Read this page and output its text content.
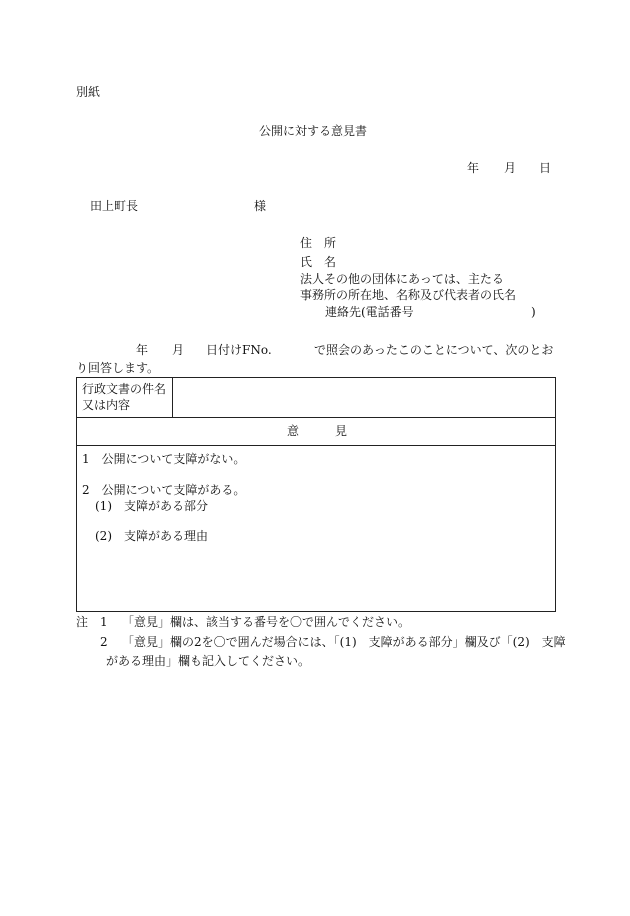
別紙
公開に対する意見書
年 月 日
田上町長	様
住　所
氏　名
法人その他の団体にあっては、主たる
事務所の所在地、名称及び代表者の氏名
連絡先(電話番号	)
年 月 日付けFNo.	で照会のあったこのことについて、次のとお
り回答します。
行政文書の件名
又は内容
意　　　見
1　公開について支障がない。
2　公開について支障がある。
(1)　支障がある部分
(2)　支障がある理由
注 1 「意見」欄は、該当する番号を〇で囲んでください。
2 「意見」欄の2を〇で囲んだ場合には、「(1)　支障がある部分」欄及び「(2)　支障
がある理由」欄も記入してください。
